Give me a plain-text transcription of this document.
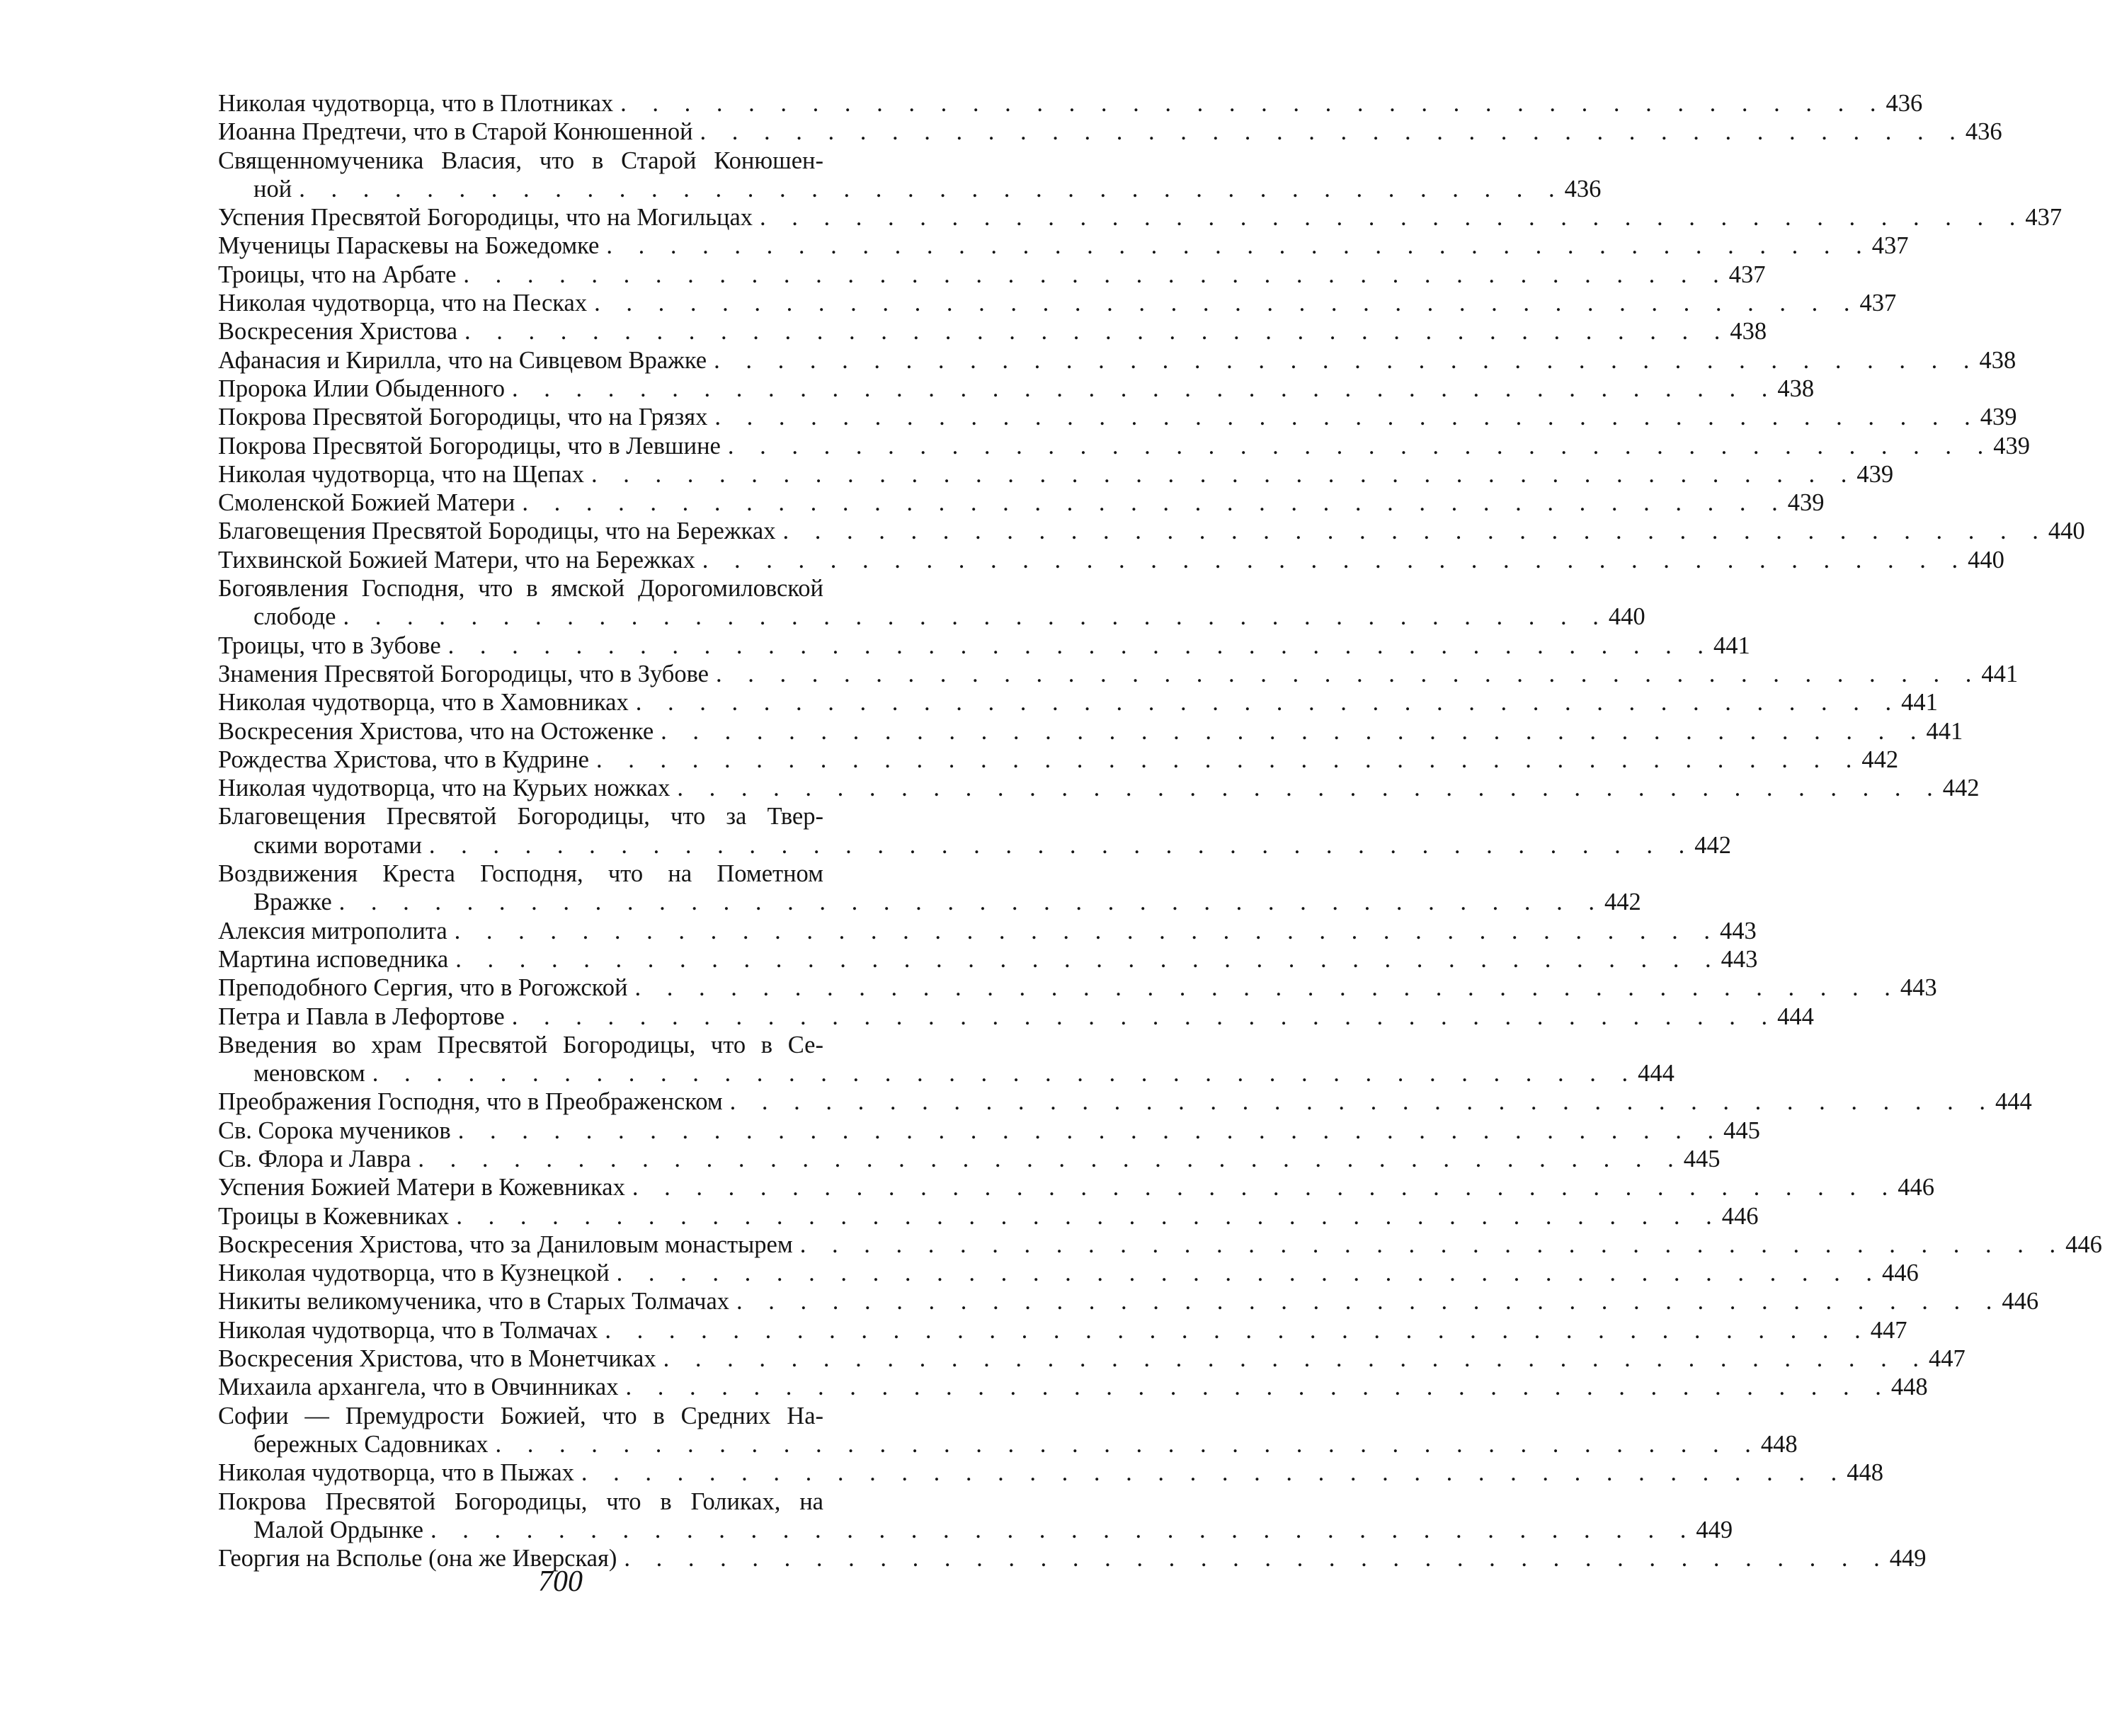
Николая чудотворца, что в Плотниках . . . . . . . . . . . . . . . . . . . . . . . . . . . . . . . . . . . . . . . . 436
Иоанна Предтечи, что в Старой Конюшенной . . . . . . . . . . . . . . . . . . . . . . . . . . . . . . . . . . . . . . . . 436
Священномученика Власия, что в Старой Конюшен-
ной . . . . . . . . . . . . . . . . . . . . . . . . . . . . . . . . . . . . . . . . 436
Успения Пресвятой Богородицы, что на Могильцах . . . . . . . . . . . . . . . . . . . . . . . . . . . . . . . . . . . . . . . . 437
Мученицы Параскевы на Божедомке . . . . . . . . . . . . . . . . . . . . . . . . . . . . . . . . . . . . . . . . 437
Троицы, что на Арбате . . . . . . . . . . . . . . . . . . . . . . . . . . . . . . . . . . . . . . . . 437
Николая чудотворца, что на Песках . . . . . . . . . . . . . . . . . . . . . . . . . . . . . . . . . . . . . . . . 437
Воскресения Христова . . . . . . . . . . . . . . . . . . . . . . . . . . . . . . . . . . . . . . . . 438
Афанасия и Кирилла, что на Сивцевом Вражке . . . . . . . . . . . . . . . . . . . . . . . . . . . . . . . . . . . . . . . . 438
Пророка Илии Обыденного . . . . . . . . . . . . . . . . . . . . . . . . . . . . . . . . . . . . . . . . 438
Покрова Пресвятой Богородицы, что на Грязях . . . . . . . . . . . . . . . . . . . . . . . . . . . . . . . . . . . . . . . . 439
Покрова Пресвятой Богородицы, что в Левшине . . . . . . . . . . . . . . . . . . . . . . . . . . . . . . . . . . . . . . . . 439
Николая чудотворца, что на Щепах . . . . . . . . . . . . . . . . . . . . . . . . . . . . . . . . . . . . . . . . 439
Смоленской Божией Матери . . . . . . . . . . . . . . . . . . . . . . . . . . . . . . . . . . . . . . . . 439
Благовещения Пресвятой Бородицы, что на Бережках . . . . . . . . . . . . . . . . . . . . . . . . . . . . . . . . . . . . . . . . 440
Тихвинской Божией Матери, что на Бережках . . . . . . . . . . . . . . . . . . . . . . . . . . . . . . . . . . . . . . . . 440
Богоявления Господня, что в ямской Дорогомиловской
слободе . . . . . . . . . . . . . . . . . . . . . . . . . . . . . . . . . . . . . . . . 440
Троицы, что в Зубове . . . . . . . . . . . . . . . . . . . . . . . . . . . . . . . . . . . . . . . . 441
Знамения Пресвятой Богородицы, что в Зубове . . . . . . . . . . . . . . . . . . . . . . . . . . . . . . . . . . . . . . . . 441
Николая чудотворца, что в Хамовниках . . . . . . . . . . . . . . . . . . . . . . . . . . . . . . . . . . . . . . . . 441
Воскресения Христова, что на Остоженке . . . . . . . . . . . . . . . . . . . . . . . . . . . . . . . . . . . . . . . . 441
Рождества Христова, что в Кудрине . . . . . . . . . . . . . . . . . . . . . . . . . . . . . . . . . . . . . . . . 442
Николая чудотворца, что на Курьих ножках . . . . . . . . . . . . . . . . . . . . . . . . . . . . . . . . . . . . . . . . 442
Благовещения Пресвятой Богородицы, что за Твер-
скими воротами . . . . . . . . . . . . . . . . . . . . . . . . . . . . . . . . . . . . . . . . 442
Воздвижения Креста Господня, что на Пометном
Вражке . . . . . . . . . . . . . . . . . . . . . . . . . . . . . . . . . . . . . . . . 442
Алексия митрополита . . . . . . . . . . . . . . . . . . . . . . . . . . . . . . . . . . . . . . . . 443
Мартина исповедника . . . . . . . . . . . . . . . . . . . . . . . . . . . . . . . . . . . . . . . . 443
Преподобного Сергия, что в Рогожской . . . . . . . . . . . . . . . . . . . . . . . . . . . . . . . . . . . . . . . . 443
Петра и Павла в Лефортове . . . . . . . . . . . . . . . . . . . . . . . . . . . . . . . . . . . . . . . . 444
Введения во храм Пресвятой Богородицы, что в Се-
меновском . . . . . . . . . . . . . . . . . . . . . . . . . . . . . . . . . . . . . . . . 444
Преображения Господня, что в Преображенском . . . . . . . . . . . . . . . . . . . . . . . . . . . . . . . . . . . . . . . . 444
Св. Сорока мучеников . . . . . . . . . . . . . . . . . . . . . . . . . . . . . . . . . . . . . . . . 445
Св. Флора и Лавра . . . . . . . . . . . . . . . . . . . . . . . . . . . . . . . . . . . . . . . . 445
Успения Божией Матери в Кожевниках . . . . . . . . . . . . . . . . . . . . . . . . . . . . . . . . . . . . . . . . 446
Троицы в Кожевниках . . . . . . . . . . . . . . . . . . . . . . . . . . . . . . . . . . . . . . . . 446
Воскресения Христова, что за Даниловым монастырем . . . . . . . . . . . . . . . . . . . . . . . . . . . . . . . . . . . . . . . . 446
Николая чудотворца, что в Кузнецкой . . . . . . . . . . . . . . . . . . . . . . . . . . . . . . . . . . . . . . . . 446
Никиты великомученика, что в Старых Толмачах . . . . . . . . . . . . . . . . . . . . . . . . . . . . . . . . . . . . . . . . 446
Николая чудотворца, что в Толмачах . . . . . . . . . . . . . . . . . . . . . . . . . . . . . . . . . . . . . . . . 447
Воскресения Христова, что в Монетчиках . . . . . . . . . . . . . . . . . . . . . . . . . . . . . . . . . . . . . . . . 447
Михаила архангела, что в Овчинниках . . . . . . . . . . . . . . . . . . . . . . . . . . . . . . . . . . . . . . . . 448
Софии — Премудрости Божией, что в Средних На-
бережных Садовниках . . . . . . . . . . . . . . . . . . . . . . . . . . . . . . . . . . . . . . . . 448
Николая чудотворца, что в Пыжах . . . . . . . . . . . . . . . . . . . . . . . . . . . . . . . . . . . . . . . . 448
Покрова Пресвятой Богородицы, что в Голиках, на
Малой Ордынке . . . . . . . . . . . . . . . . . . . . . . . . . . . . . . . . . . . . . . . . 449
Георгия на Всполье (она же Иверская) . . . . . . . . . . . . . . . . . . . . . . . . . . . . . . . . . . . . . . . . 449
700
